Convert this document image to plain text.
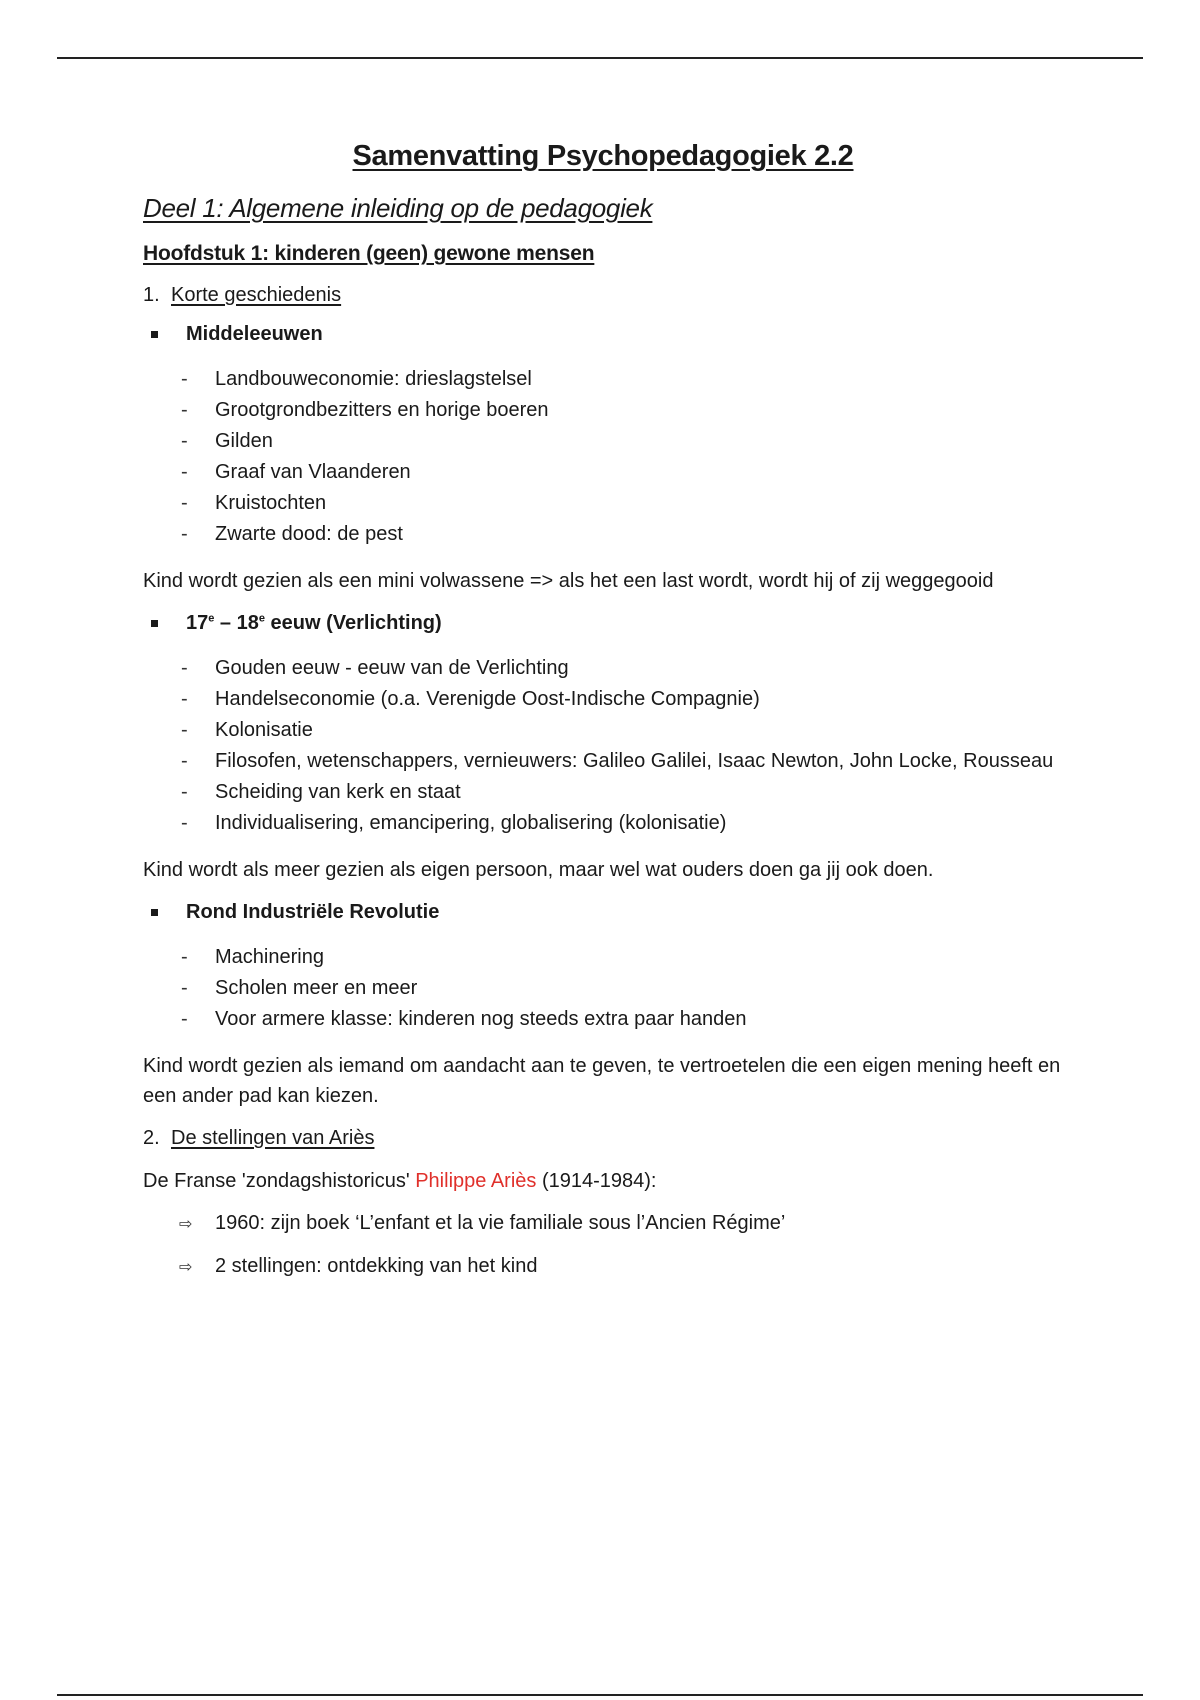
Samenvatting Psychopedagogiek 2.2
Deel 1: Algemene inleiding op de pedagogiek
Hoofdstuk 1: kinderen (geen) gewone mensen
1. Korte geschiedenis
Middeleeuwen
-	Landbouweconomie: drieslagstelsel
-	Grootgrondbezitters en horige boeren
-	Gilden
-	Graaf van Vlaanderen
-	Kruistochten
-	Zwarte dood: de pest

Kind wordt gezien als een mini volwassene => als het een last wordt, wordt hij of zij weggegooid

17e – 18e eeuw (Verlichting)
-	Gouden eeuw - eeuw van de Verlichting
-	Handelseconomie (o.a. Verenigde Oost-Indische Compagnie)
-	Kolonisatie
-	Filosofen, wetenschappers, vernieuwers: Galileo Galilei, Isaac Newton, John Locke, Rousseau
-	Scheiding van kerk en staat
-	Individualisering, emancipering, globalisering (kolonisatie)

Kind wordt als meer gezien als eigen persoon, maar wel wat ouders doen ga jij ook doen.

Rond Industriële Revolutie
-	Machinering
-	Scholen meer en meer
-	Voor armere klasse: kinderen nog steeds extra paar handen

Kind wordt gezien als iemand om aandacht aan te geven, te vertroetelen die een eigen mening heeft en een ander pad kan kiezen.

2. De stellingen van Ariès

De Franse 'zondagshistoricus' Philippe Ariès (1914-1984):

⇨	1960: zijn boek ‘L’enfant et la vie familiale sous l’Ancien Régime’
⇨	2 stellingen: ontdekking van het kind
